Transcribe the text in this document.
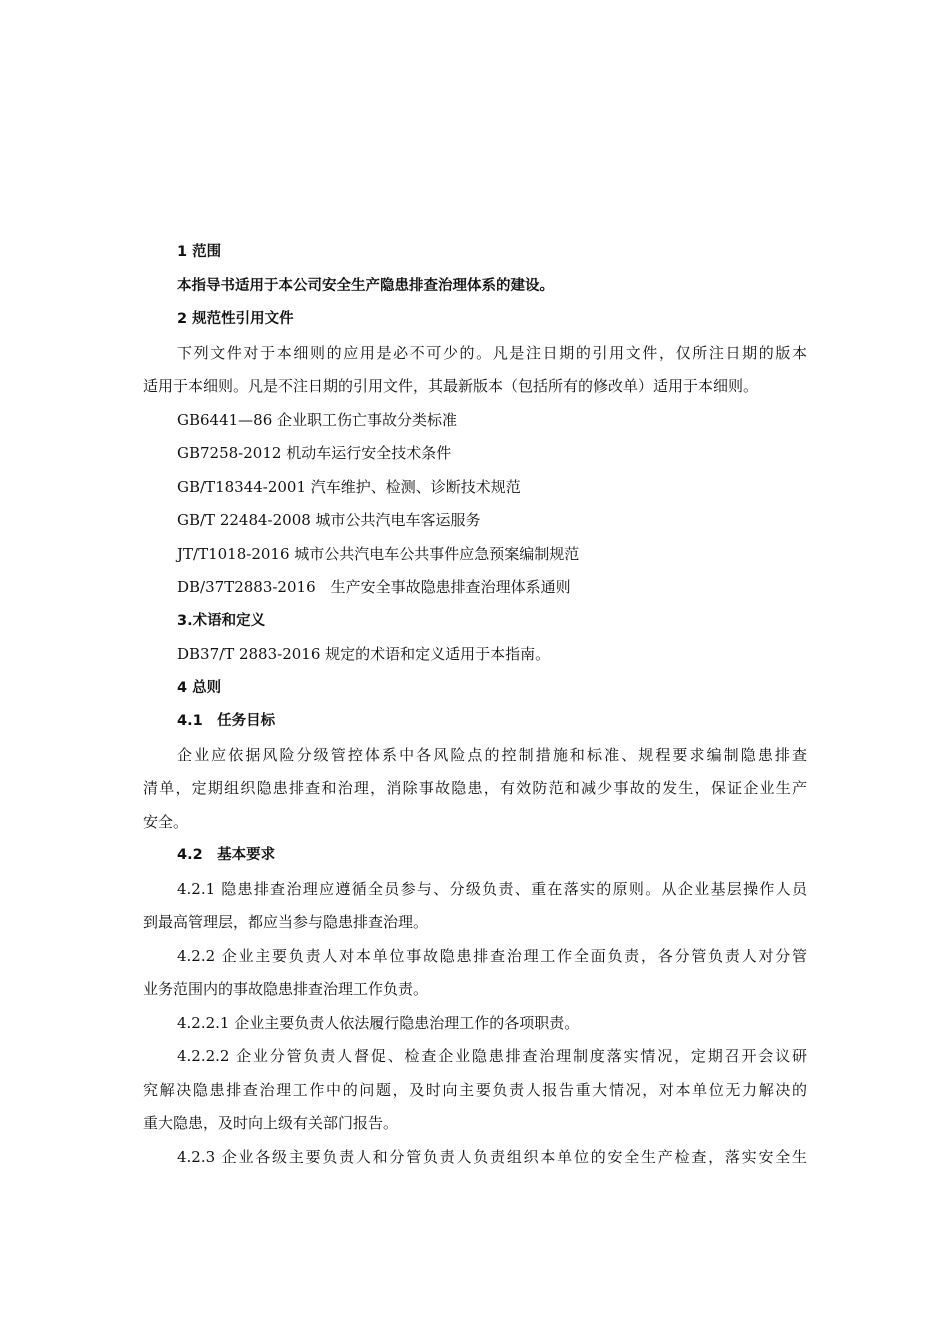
1 范围
本指导书适用于本公司安全生产隐患排查治理体系的建设。
2 规范性引用文件
下列文件对于本细则的应用是必不可少的。凡是注日期的引用文件，仅所注日期的版本
适用于本细则。凡是不注日期的引用文件，其最新版本（包括所有的修改单）适用于本细则。
GB6441—86 企业职工伤亡事故分类标准
GB7258-2012 机动车运行安全技术条件
GB/T18344-2001 汽车维护、检测、诊断技术规范
GB/T 22484-2008 城市公共汽电车客运服务
JT/T1018-2016 城市公共汽电车公共事件应急预案编制规范
DB/37T2883-2016　生产安全事故隐患排查治理体系通则
3.术语和定义
DB37/T 2883-2016 规定的术语和定义适用于本指南。
4 总则
4.1　任务目标
企业应依据风险分级管控体系中各风险点的控制措施和标准、规程要求编制隐患排查
清单，定期组织隐患排查和治理，消除事故隐患，有效防范和减少事故的发生，保证企业生产
安全。
4.2　基本要求
4.2.1 隐患排查治理应遵循全员参与、分级负责、重在落实的原则。从企业基层操作人员
到最高管理层，都应当参与隐患排查治理。
4.2.2 企业主要负责人对本单位事故隐患排查治理工作全面负责，各分管负责人对分管
业务范围内的事故隐患排查治理工作负责。
4.2.2.1 企业主要负责人依法履行隐患治理工作的各项职责。
4.2.2.2 企业分管负责人督促、检查企业隐患排查治理制度落实情况，定期召开会议研
究解决隐患排查治理工作中的问题，及时向主要负责人报告重大情况，对本单位无力解决的
重大隐患，及时向上级有关部门报告。
4.2.3 企业各级主要负责人和分管负责人负责组织本单位的安全生产检查，落实安全生
